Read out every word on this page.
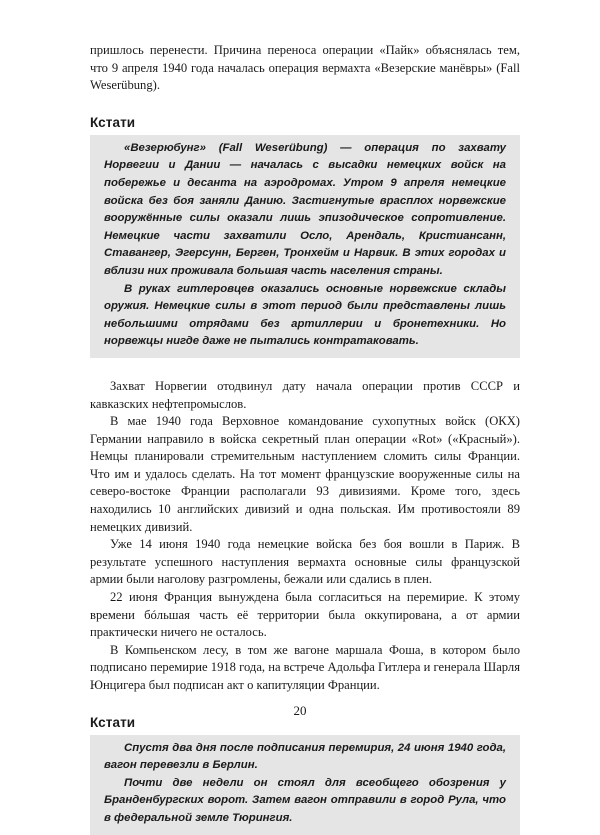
пришлось перенести. Причина переноса операции «Пайк» объяснялась тем, что 9 апреля 1940 года началась операция вермахта «Везерские манёвры» (Fall Weserübung).

Кстати

«Везерюбунг» (Fall Weserübung) — операция по захвату Норвегии и Дании — началась с высадки немецких войск на побережье и десанта на аэродромах. Утром 9 апреля немецкие войска без боя заняли Данию. Застигнутые врасплох норвежские вооружённые силы оказали лишь эпизодическое сопротивление. Немецкие части захватили Осло, Арендаль, Кристиансанн, Ставангер, Эгерсунн, Берген, Тронхейм и Нарвик. В этих городах и вблизи них проживала большая часть населения страны.

В руках гитлеровцев оказались основные норвежские склады оружия. Немецкие силы в этот период были представлены лишь небольшими отрядами без артиллерии и бронетехники. Но норвежцы нигде даже не пытались контратаковать.

Захват Норвегии отодвинул дату начала операции против СССР и кавказских нефтепромыслов.

В мае 1940 года Верховное командование сухопутных войск (ОКХ) Германии направило в войска секретный план операции «Rot» («Красный»). Немцы планировали стремительным наступлением сломить силы Франции. Что им и удалось сделать. На тот момент французские вооруженные силы на северо-востоке Франции располагали 93 дивизиями. Кроме того, здесь находились 10 английских дивизий и одна польская. Им противостояли 89 немецких дивизий.

Уже 14 июня 1940 года немецкие войска без боя вошли в Париж. В результате успешного наступления вермахта основные силы французской армии были наголову разгромлены, бежали или сдались в плен.

22 июня Франция вынуждена была согласиться на перемирие. К этому времени бóльшая часть её территории была оккупирована, а от армии практически ничего не осталось.

В Компьенском лесу, в том же вагоне маршала Фоша, в котором было подписано перемирие 1918 года, на встрече Адольфа Гитлера и генерала Шарля Юнцигера был подписан акт о капитуляции Франции.

Кстати

Спустя два дня после подписания перемирия, 24 июня 1940 года, вагон перевезли в Берлин.

Почти две недели он стоял для всеобщего обозрения у Бранденбургских ворот. Затем вагон отправили в город Рула, что в федеральной земле Тюрингия.

20
